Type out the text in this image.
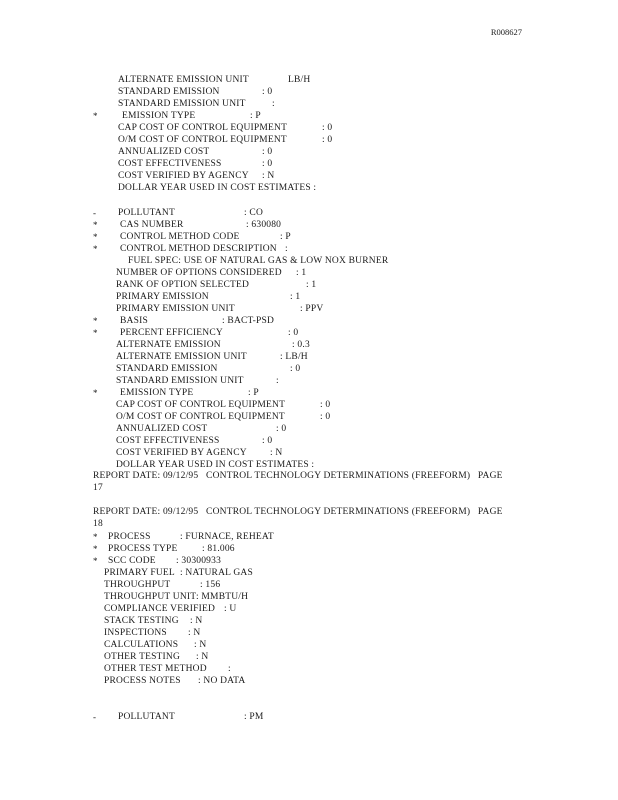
R008627
ALTERNATE EMISSION UNIT	LB/H
STANDARD EMISSION	: 0
STANDARD EMISSION UNIT	:
*	EMISSION TYPE	: P
CAP COST OF CONTROL EQUIPMENT	: 0
O/M COST OF CONTROL EQUIPMENT	: 0
ANNUALIZED COST	: 0
COST EFFECTIVENESS	: 0
COST VERIFIED BY AGENCY : N
DOLLAR YEAR USED IN COST ESTIMATES :
- POLLUTANT	: CO
* CAS NUMBER	: 630080
* CONTROL METHOD CODE	: P
* CONTROL METHOD DESCRIPTION :
FUEL SPEC: USE OF NATURAL GAS & LOW NOX BURNER
NUMBER OF OPTIONS CONSIDERED : 1
RANK OF OPTION SELECTED	: 1
PRIMARY EMISSION	: 1
PRIMARY EMISSION UNIT	: PPV
* BASIS	: BACT-PSD
* PERCENT EFFICIENCY	: 0
ALTERNATE EMISSION	: 0.3
ALTERNATE EMISSION UNIT	: LB/H
STANDARD EMISSION	: 0
STANDARD EMISSION UNIT	:
* EMISSION TYPE	: P
CAP COST OF CONTROL EQUIPMENT	: 0
O/M COST OF CONTROL EQUIPMENT	: 0
ANNUALIZED COST	: 0
COST EFFECTIVENESS	: 0
COST VERIFIED BY AGENCY : N
DOLLAR YEAR USED IN COST ESTIMATES :
REPORT DATE: 09/12/95   CONTROL TECHNOLOGY DETERMINATIONS (FREEFORM)   PAGE
17
REPORT DATE: 09/12/95   CONTROL TECHNOLOGY DETERMINATIONS (FREEFORM)   PAGE
18
* PROCESS	: FURNACE, REHEAT
* PROCESS TYPE	: 81.006
* SCC CODE : 30300933
PRIMARY FUEL : NATURAL GAS
THROUGHPUT	: 156
THROUGHPUT UNIT : MMBTU/H
COMPLIANCE VERIFIED : U
STACK TESTING : N
INSPECTIONS : N
CALCULATIONS : N
OTHER TESTING : N
OTHER TEST METHOD :
PROCESS NOTES : NO DATA
- POLLUTANT	: PM
